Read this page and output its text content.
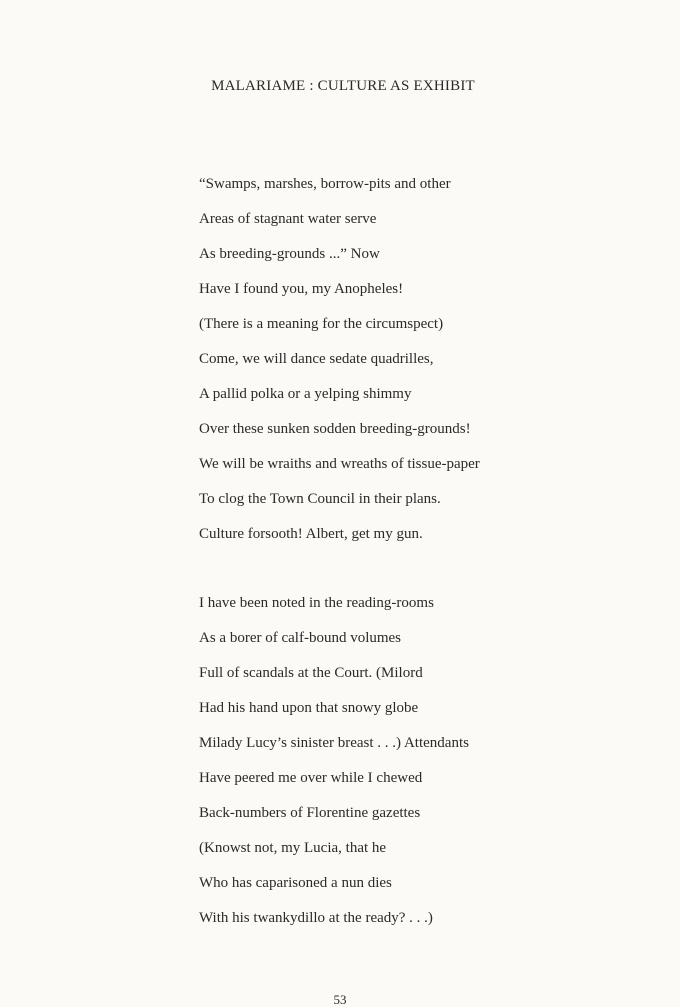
MALARIAME : CULTURE AS EXHIBIT
“Swamps, marshes, borrow-pits and other
Areas of stagnant water serve
As breeding-grounds ...” Now
Have I found you, my Anopheles!
(There is a meaning for the circumspect)
Come, we will dance sedate quadrilles,
A pallid polka or a yelping shimmy
Over these sunken sodden breeding-grounds!
We will be wraiths and wreaths of tissue-paper
To clog the Town Council in their plans.
Culture forsooth! Albert, get my gun.
I have been noted in the reading-rooms
As a borer of calf-bound volumes
Full of scandals at the Court. (Milord
Had his hand upon that snowy globe
Milady Lucy’s sinister breast . . .) Attendants
Have peered me over while I chewed
Back-numbers of Florentine gazettes
(Knowst not, my Lucia, that he
Who has caparisoned a nun dies
With his twankydillo at the ready? . . .)
53
